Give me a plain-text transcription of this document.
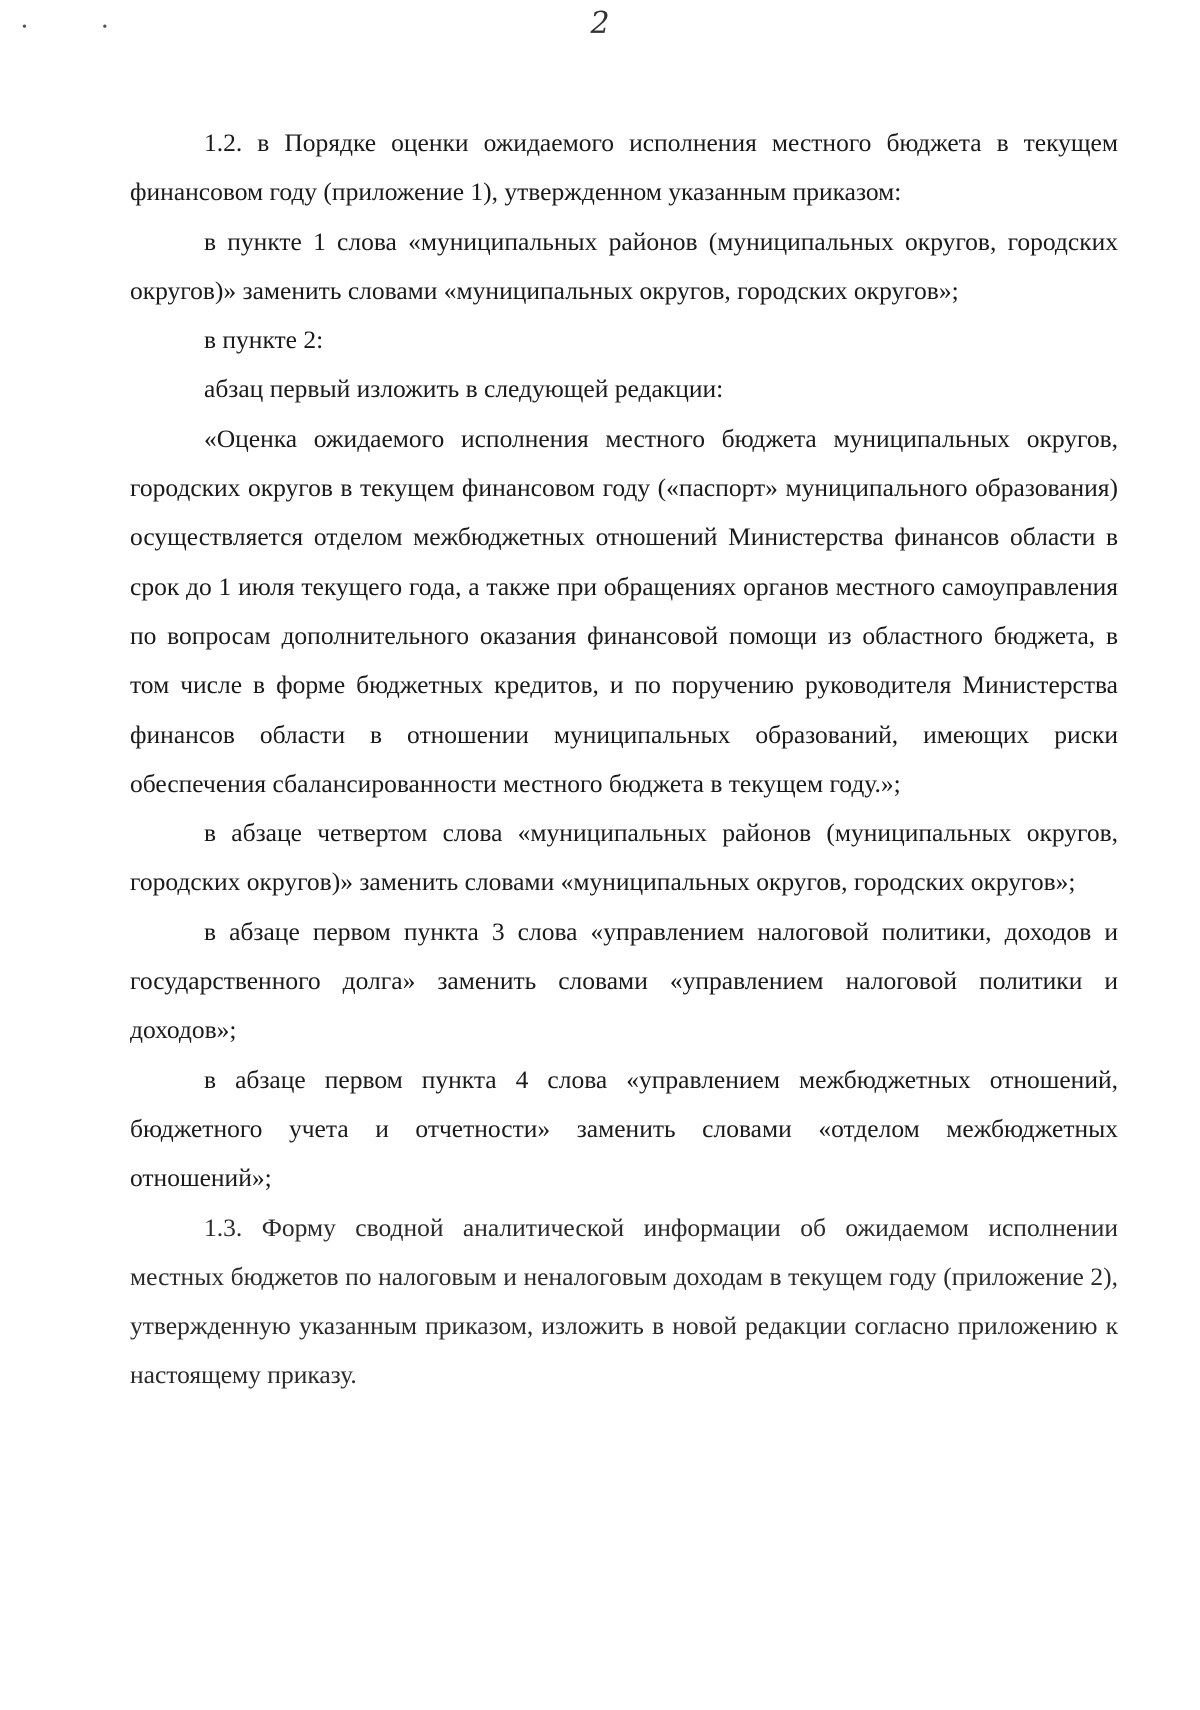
• •	2

1.2. в Порядке оценки ожидаемого исполнения местного бюджета в текущем финансовом году (приложение 1), утвержденном указанным приказом:

в пункте 1 слова «муниципальных районов (муниципальных округов, городских округов)» заменить словами «муниципальных округов, городских округов»;

в пункте 2:

абзац первый изложить в следующей редакции:

«Оценка ожидаемого исполнения местного бюджета муниципальных округов, городских округов в текущем финансовом году («паспорт» муниципального образования) осуществляется отделом межбюджетных отношений Министерства финансов области в срок до 1 июля текущего года, а также при обращениях органов местного самоуправления по вопросам дополнительного оказания финансовой помощи из областного бюджета, в том числе в форме бюджетных кредитов, и по поручению руководителя Министерства финансов области в отношении муниципальных образований, имеющих риски обеспечения сбалансированности местного бюджета в текущем году.»;

в абзаце четвертом слова «муниципальных районов (муниципальных округов, городских округов)» заменить словами «муниципальных округов, городских округов»;

в абзаце первом пункта 3 слова «управлением налоговой политики, доходов и государственного долга» заменить словами «управлением налоговой политики и доходов»;

в абзаце первом пункта 4 слова «управлением межбюджетных отношений, бюджетного учета и отчетности» заменить словами «отделом межбюджетных отношений»;

1.3. Форму сводной аналитической информации об ожидаемом исполнении местных бюджетов по налоговым и неналоговым доходам в текущем году (приложение 2), утвержденную указанным приказом, изложить в новой редакции согласно приложению к настоящему приказу.
